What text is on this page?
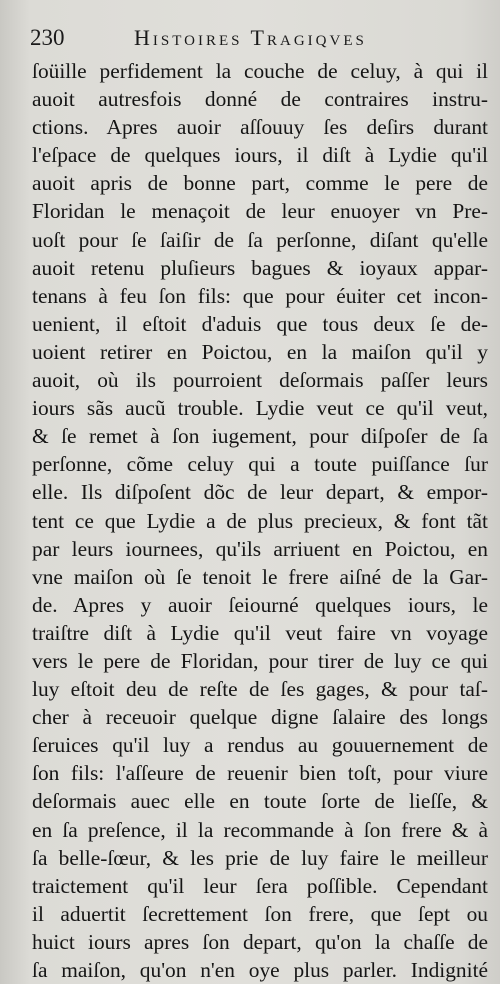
230	Histoires Tragiqves
ſoüille perfidement la couche de celuy, à qui il
auoit autresfois donné de contraires instru-
ctions. Apres auoir aſſouuy ſes deſirs durant
l'eſpace de quelques iours, il diſt à Lydie qu'il
auoit apris de bonne part, comme le pere de
Floridan le menaçoit de leur enuoyer vn Pre-
uoſt pour ſe ſaiſir de ſa perſonne, diſant qu'elle
auoit retenu pluſieurs bagues & ioyaux appar-
tenans à feu ſon fils: que pour éuiter cet incon-
uenient, il eſtoit d'aduis que tous deux ſe de-
uoient retirer en Poictou, en la maiſon qu'il y
auoit, où ils pourroient deſormais paſſer leurs
iours sãs aucũ trouble. Lydie veut ce qu'il veut,
& ſe remet à ſon iugement, pour diſpoſer de ſa
perſonne, cõme celuy qui a toute puiſſance ſur
elle. Ils diſpoſent dõc de leur depart, & empor-
tent ce que Lydie a de plus precieux, & font tãt
par leurs iournees, qu'ils arriuent en Poictou, en
vne maiſon où ſe tenoit le frere aiſné de la Gar-
de. Apres y auoir ſeiourné quelques iours, le
traiſtre diſt à Lydie qu'il veut faire vn voyage
vers le pere de Floridan, pour tirer de luy ce qui
luy eſtoit deu de reſte de ſes gages, & pour taſ-
cher à receuoir quelque digne ſalaire des longs
ſeruices qu'il luy a rendus au gouuernement de
ſon fils: l'aſſeure de reuenir bien toſt, pour viure
deſormais auec elle en toute ſorte de lieſſe, &
en ſa preſence, il la recommande à ſon frere & à
ſa belle-ſœur, & les prie de luy faire le meilleur
traictement qu'il leur ſera poſſible. Cependant
il aduertit ſecrettement ſon frere, que ſept ou
huict iours apres ſon depart, qu'on la chaſſe de
ſa maiſon, qu'on n'en oye plus parler. Indignité
